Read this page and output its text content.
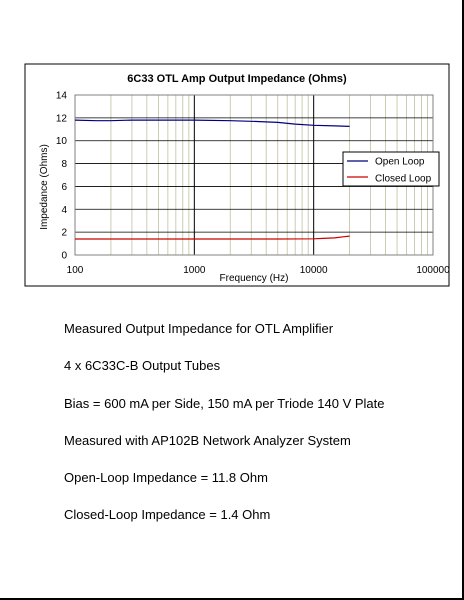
6C33 OTL Amp Output Impedance (Ohms)
0
2
4
6
8
10
12
14
100	1000	10000	100000
Frequency (Hz)
Impedance (Ohms)	Open Loop
Closed Loop
Measured Output Impedance for OTL Amplifier
4 x 6C33C-B Output Tubes
Bias = 600 mA per Side, 150 mA per Triode 140 V Plate
Measured with AP102B Network Analyzer System
Open-Loop Impedance = 11.8 Ohm
Closed-Loop Impedance = 1.4 Ohm
